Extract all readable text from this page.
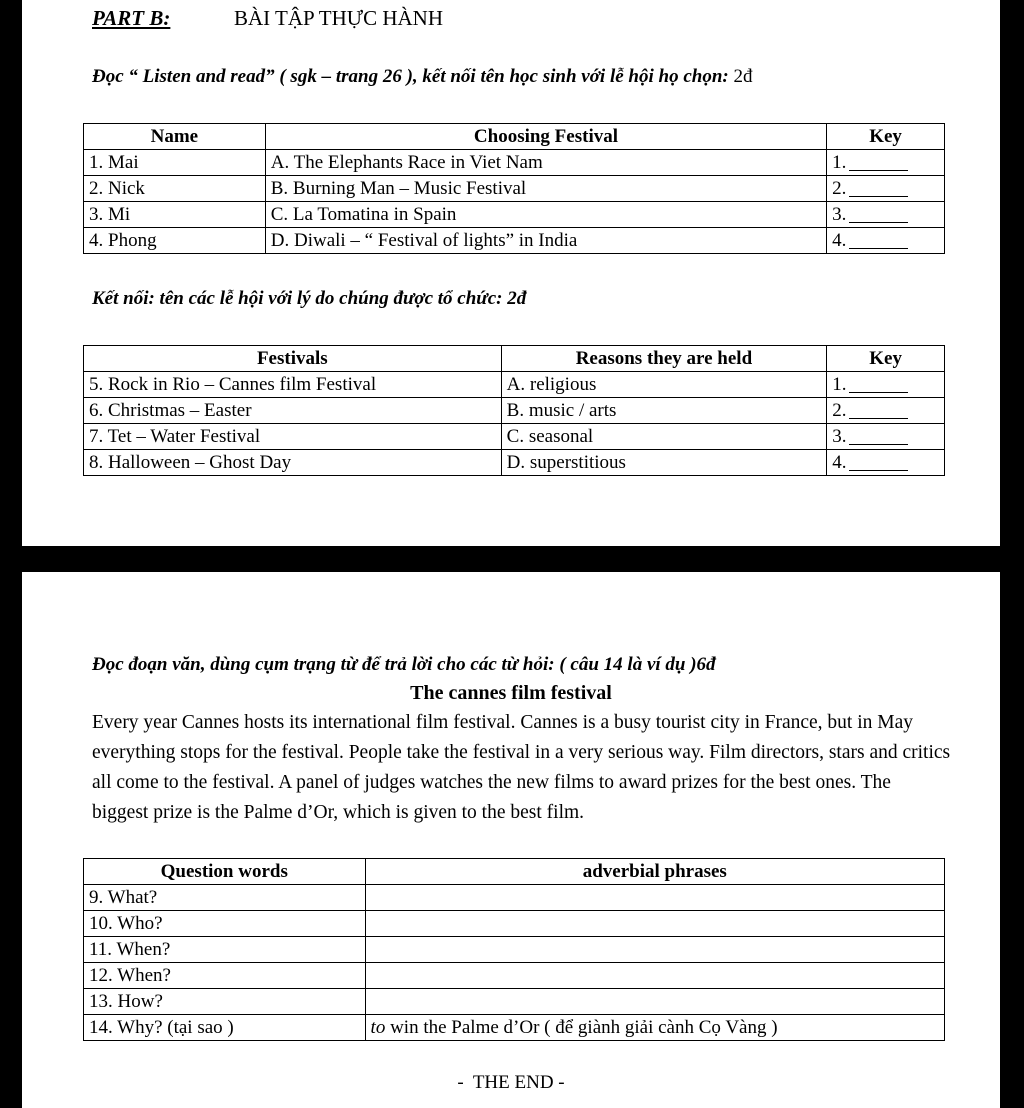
PART B:	BÀI TẬP THỰC HÀNH
Đọc “ Listen and read” ( sgk – trang 26 ), kết nối tên học sinh với lễ hội họ chọn: 2đ
Name	Choosing Festival	Key
1. Mai	A. The Elephants Race in Viet Nam	1.

2. Nick	B. Burning Man – Music Festival	2.

3. Mi	C. La Tomatina in Spain	3.

4. Phong	D. Diwali – “ Festival of lights” in India	4.
Kết nối: tên các lễ hội với lý do chúng được tổ chức: 2đ
Festivals	Reasons they are held	Key
5. Rock in Rio – Cannes film Festival	A. religious	1.

6. Christmas – Easter	B. music / arts	2.

7. Tet – Water Festival	C. seasonal	3.

8. Halloween – Ghost Day	D. superstitious	4.
Đọc đoạn văn, dùng cụm trạng từ để trả lời cho các từ hỏi: ( câu 14 là ví dụ )6đ
The cannes film festival
Every year Cannes hosts its international film festival. Cannes is a busy tourist city in France, but in May everything stops for the festival. People take the festival in a very serious way. Film directors, stars and critics all come to the festival. A panel of judges watches the new films to award prizes for the best ones. The biggest prize is the Palme d’Or, which is given to the best film.
Question words	adverbial phrases
9. What?	
10. Who?	
11. When?	
12. When?	
13. How?	
14. Why? (tại sao )	to win the Palme d’Or ( để giành giải cành Cọ Vàng )
-  THE END -
